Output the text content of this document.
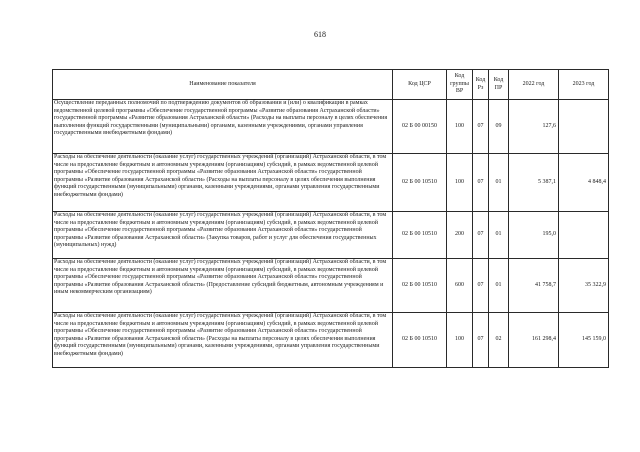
618
Наименование показателя	Код ЦСР	Код группы ВР	Код Рз	Код ПР	2022 год	2023 год
Осуществление переданных полномочий по подтверждению документов об образовании и (или) о квалификации в рамках ведомственной целевой программы «Обеспечение государственной программы «Развитие образования Астраханской области» государственной программы «Развитие образования Астраханской области» (Расходы на выплаты персоналу в целях обеспечения выполнения функций государственными (муниципальными) органами, казенными учреждениями, органами управления государственными внебюджетными фондами)	02 Б 00 00150	100	07	09	127,6	
Расходы на обеспечение деятельности (оказание услуг) государственных учреждений (организаций) Астраханской области, в том числе на предоставление бюджетным и автономным учреждениям (организациям) субсидий, в рамках ведомственной целевой программы «Обеспечение государственной программы «Развитие образования Астраханской области» государственной программы «Развитие образования Астраханской области» (Расходы на выплаты персоналу в целях обеспечения выполнения функций государственными (муниципальными) органами, казенными учреждениями, органами управления государственными внебюджетными фондами)	02 Б 00 10510	100	07	01	5 387,1	4 848,4
Расходы на обеспечение деятельности (оказание услуг) государственных учреждений (организаций) Астраханской области, в том числе на предоставление бюджетным и автономным учреждениям (организациям) субсидий, в рамках ведомственной целевой программы «Обеспечение государственной программы «Развитие образования Астраханской области» государственной программы «Развитие образования Астраханской области» (Закупка товаров, работ и услуг для обеспечения государственных (муниципальных) нужд)	02 Б 00 10510	200	07	01	195,0	
Расходы на обеспечение деятельности (оказание услуг) государственных учреждений (организаций) Астраханской области, в том числе на предоставление бюджетным и автономным учреждениям (организациям) субсидий, в рамках ведомственной целевой программы «Обеспечение государственной программы «Развитие образования Астраханской области» государственной программы «Развитие образования Астраханской области» (Предоставление субсидий бюджетным, автономным учреждениям и иным некоммерческим организациям)	02 Б 00 10510	600	07	01	41 758,7	35 322,9
Расходы на обеспечение деятельности (оказание услуг) государственных учреждений (организаций) Астраханской области, в том числе на предоставление бюджетным и автономным учреждениям (организациям) субсидий, в рамках ведомственной целевой программы «Обеспечение государственной программы «Развитие образования Астраханской области» государственной программы «Развитие образования Астраханской области» (Расходы на выплаты персоналу в целях обеспечения выполнения функций государственными (муниципальными) органами, казенными учреждениями, органами управления государственными внебюджетными фондами)	02 Б 00 10510	100	07	02	161 298,4	145 159,0
